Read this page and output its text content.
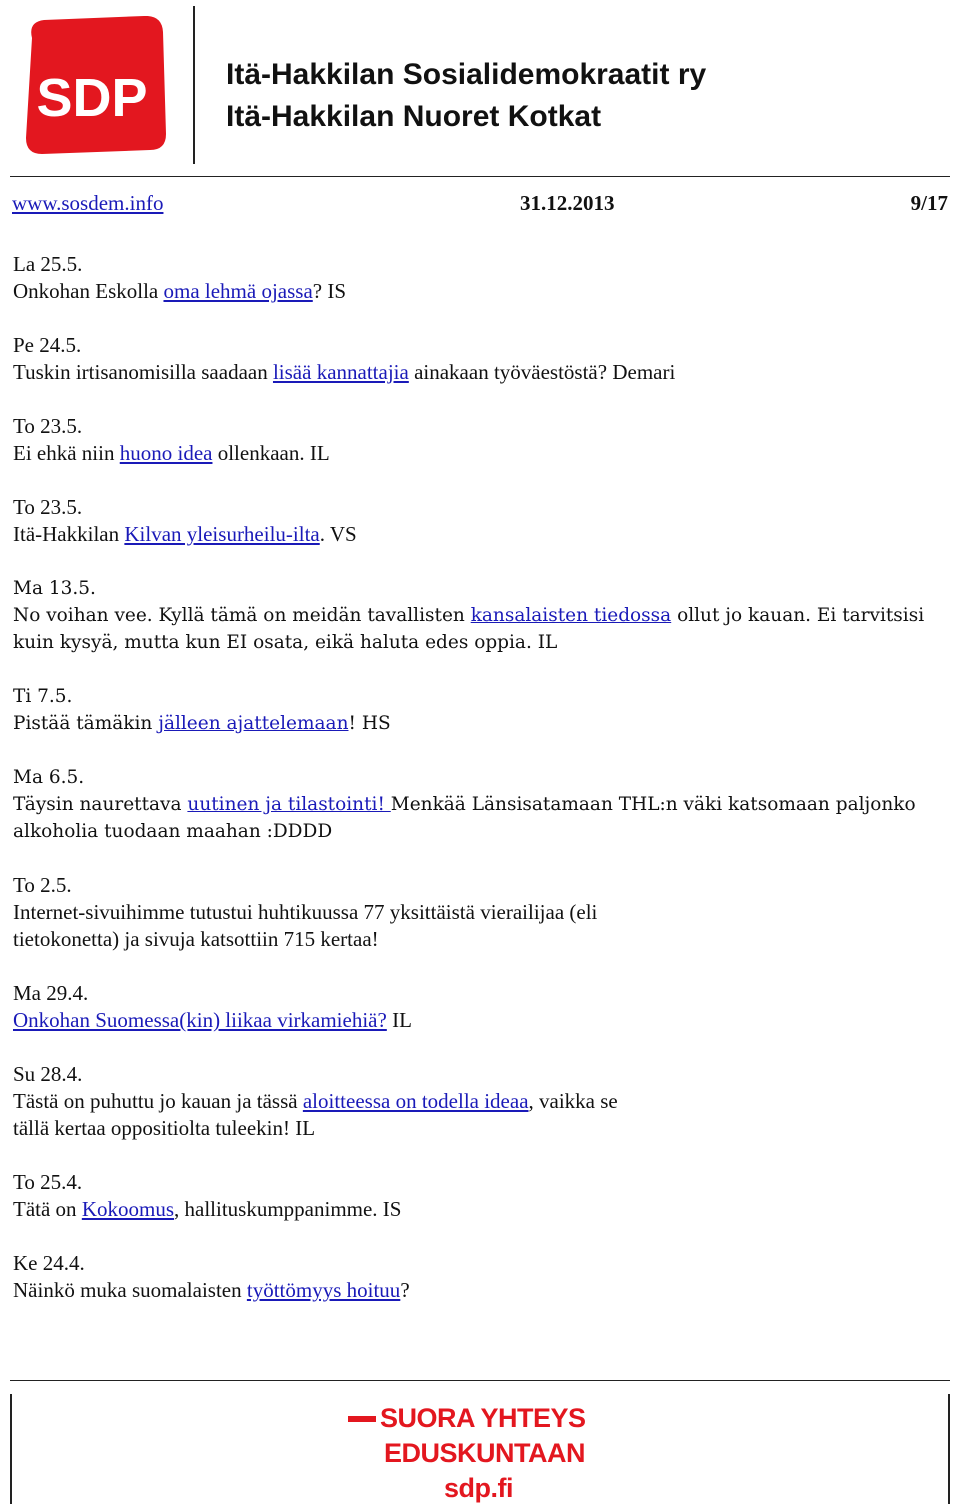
SDP	Itä-Hakkilan Sosialidemokraatit ry
Itä-Hakkilan Nuoret Kotkat
www.sosdem.info	31.12.2013	9/17
La 25.5.
Onkohan Eskolla oma lehmä ojassa? IS
Pe 24.5.
Tuskin irtisanomisilla saadaan lisää kannattajia ainakaan työväestöstä? Demari
To 23.5.
Ei ehkä niin huono idea ollenkaan. IL
To 23.5.
Itä-Hakkilan Kilvan yleisurheilu-ilta. VS
Ma 13.5.
No voihan vee. Kyllä tämä on meidän tavallisten kansalaisten tiedossa ollut jo kauan. Ei tarvitsisi kuin kysyä, mutta kun EI osata, eikä haluta edes oppia. IL
Ti 7.5.
Pistää tämäkin jälleen ajattelemaan! HS
Ma 6.5.
Täysin naurettava uutinen ja tilastointi! Menkää Länsisatamaan THL:n väki katsomaan paljonko alkoholia tuodaan maahan :DDDD
To 2.5.
Internet-sivuihimme tutustui huhtikuussa 77 yksittäistä vierailijaa (eli tietokonetta) ja sivuja katsottiin 715 kertaa!
Ma 29.4.
Onkohan Suomessa(kin) liikaa virkamiehiä? IL
Su 28.4.
Tästä on puhuttu jo kauan ja tässä aloitteessa on todella ideaa, vaikka se tällä kertaa oppositiolta tuleekin! IL
To 25.4.
Tätä on Kokoomus, hallituskumppanimme. IS
Ke 24.4.
Näinkö muka suomalaisten työttömyys hoituu?
SUORA YHTEYS
EDUSKUNTAAN
sdp.fi
